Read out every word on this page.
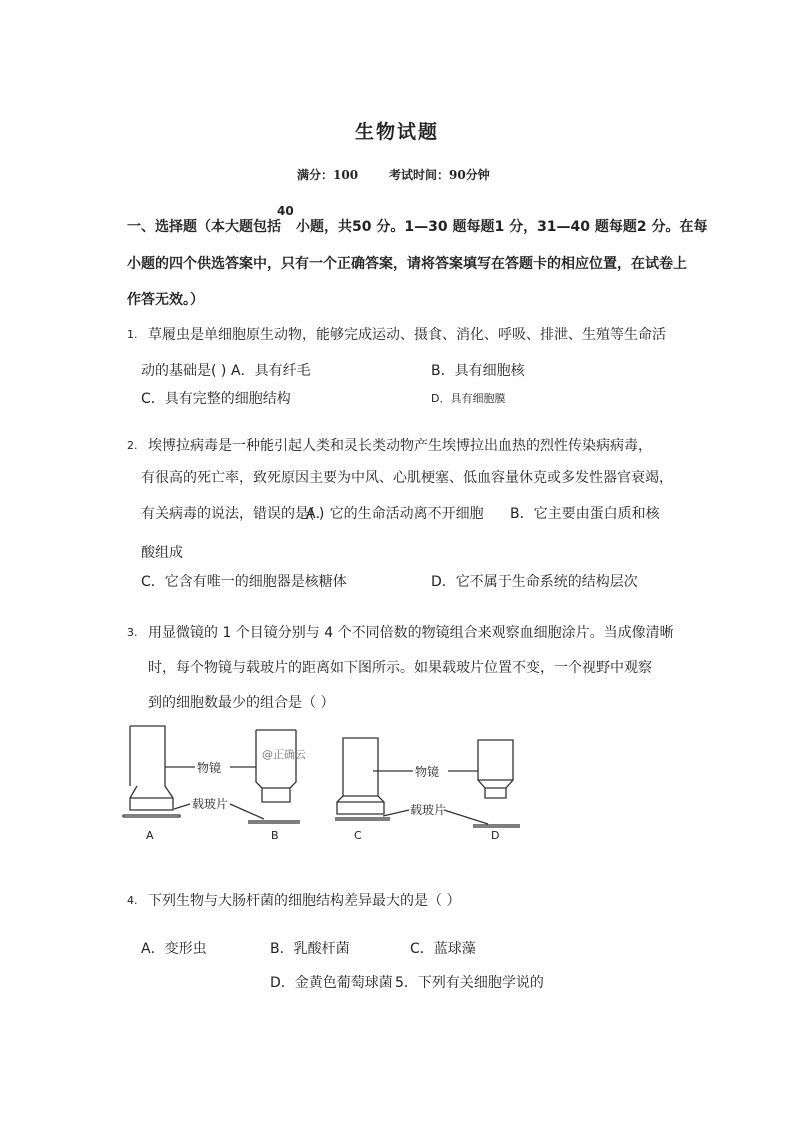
生物试题
满分：100	考试时间：90分钟
40
一、选择题（本大题包括 小题，共50 分。1—30 题每题1 分，31—40 题每题2 分。在每
小题的四个供选答案中，只有一个正确答案，请将答案填写在答题卡的相应位置，在试卷上
作答无效。）
1. 草履虫是单细胞原生动物，能够完成运动、摄食、消化、呼吸、排泄、生殖等生命活
动的基础是( ) A．具有纤毛	B．具有细胞核
C．具有完整的细胞结构	D．具有细胞膜
2. 埃博拉病毒是一种能引起人类和灵长类动物产生埃博拉出血热的烈性传染病病毒，
有很高的死亡率，致死原因主要为中风、心肌梗塞、低血容量休克或多发性器官衰竭，
有关病毒的说法，错误的是( )
A．它的生命活动离不开细胞 B．它主要由蛋白质和核
酸组成
C．它含有唯一的细胞器是核糖体	D．它不属于生命系统的结构层次
3. 用显微镜的 1 个目镜分别与 4 个不同倍数的物镜组合来观察血细胞涂片。当成像清晰
时，每个物镜与载玻片的距离如下图所示。如果载玻片位置不变，一个视野中观察
到的细胞数最少的组合是（ ）
物镜	物镜
载玻片	载玻片
@正确云
A	B	C	D
4. 下列生物与大肠杆菌的细胞结构差异最大的是（ ）
A．变形虫	B．乳酸杆菌	C．蓝球藻
D．金黄色葡萄球菌 5．下列有关细胞学说的
